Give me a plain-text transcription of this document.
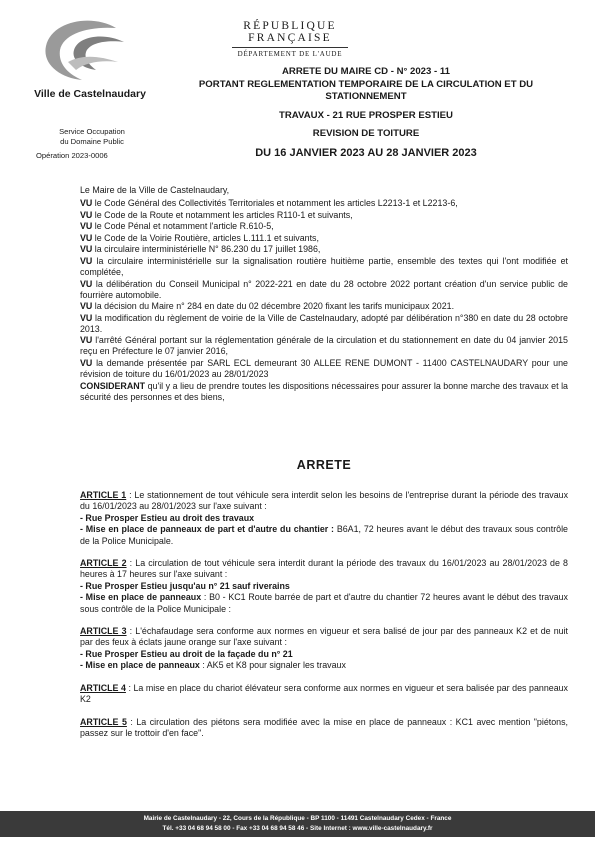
Ville de Castelnaudary
Service Occupation
du Domaine Public
Opération 2023-0006
RÉPUBLIQUE FRANÇAISE
DÉPARTEMENT DE L'AUDE
ARRETE DU MAIRE CD - N° 2023 - 11
PORTANT REGLEMENTATION TEMPORAIRE DE LA CIRCULATION ET DU
STATIONNEMENT
TRAVAUX - 21 RUE PROSPER ESTIEU
REVISION DE TOITURE
DU 16 JANVIER 2023 AU 28 JANVIER 2023

Le Maire de la Ville de Castelnaudary,

VU le Code Général des Collectivités Territoriales et notamment les articles L2213-1 et L2213-6,

VU le Code de la Route et notamment les articles R110-1 et suivants,

VU le Code Pénal et notamment l'article R.610-5,

VU le Code de la Voirie Routière, articles L.111.1 et suivants,

VU la circulaire interministérielle N° 86.230 du 17 juillet 1986,

VU la circulaire interministérielle sur la signalisation routière huitième partie, ensemble des textes qui l'ont modifiée et complétée,

VU la délibération du Conseil Municipal n° 2022-221 en date du 28 octobre 2022 portant création d'un service public de fourrière automobile.

VU la décision du Maire n° 284 en date du 02 décembre 2020 fixant les tarifs municipaux 2021.

VU la modification du règlement de voirie de la Ville de Castelnaudary, adopté par délibération n°380 en date du 28 octobre 2013.

VU l'arrêté Général portant sur la réglementation générale de la circulation et du stationnement en date du 04 janvier 2015 reçu en Préfecture le 07 janvier 2016,

VU la demande présentée par SARL ECL demeurant 30 ALLEE RENE DUMONT - 11400 CASTELNAUDARY pour une révision de toiture du 16/01/2023 au 28/01/2023

CONSIDERANT qu'il y a lieu de prendre toutes les dispositions nécessaires pour assurer la bonne marche des travaux et la sécurité des personnes et des biens,

ARRETE

ARTICLE 1 : Le stationnement de tout véhicule sera interdit selon les besoins de l'entreprise durant la période des travaux du 16/01/2023 au 28/01/2023 sur l'axe suivant :

- Rue Prosper Estieu au droit des travaux

- Mise en place de panneaux de part et d'autre du chantier : B6A1, 72 heures avant le début des travaux sous contrôle de la Police Municipale.

ARTICLE 2 : La circulation de tout véhicule sera interdit durant la période des travaux du 16/01/2023 au 28/01/2023 de 8 heures à 17 heures sur l'axe suivant :

- Rue Prosper Estieu jusqu'au n° 21 sauf riverains

- Mise en place de panneaux : B0 - KC1 Route barrée de part et d'autre du chantier 72 heures avant le début des travaux sous contrôle de la Police Municipale :

ARTICLE 3 : L'échafaudage sera conforme aux normes en vigueur et sera balisé de jour par des panneaux K2 et de nuit par des feux à éclats jaune orange sur l'axe suivant :

- Rue Prosper Estieu au droit de la façade du n° 21

- Mise en place de panneaux : AK5 et K8 pour signaler les travaux

ARTICLE 4 : La mise en place du chariot élévateur sera conforme aux normes en vigueur et sera balisée par des panneaux K2

ARTICLE 5 : La circulation des piétons sera modifiée avec la mise en place de panneaux : KC1 avec mention "piétons, passez sur le trottoir d'en face".

Mairie de Castelnaudary - 22, Cours de la République - BP 1100 - 11491 Castelnaudary Cedex - France
Tél. +33 04 68 94 58 00 - Fax +33 04 68 94 58 46 - Site Internet : www.ville-castelnaudary.fr
